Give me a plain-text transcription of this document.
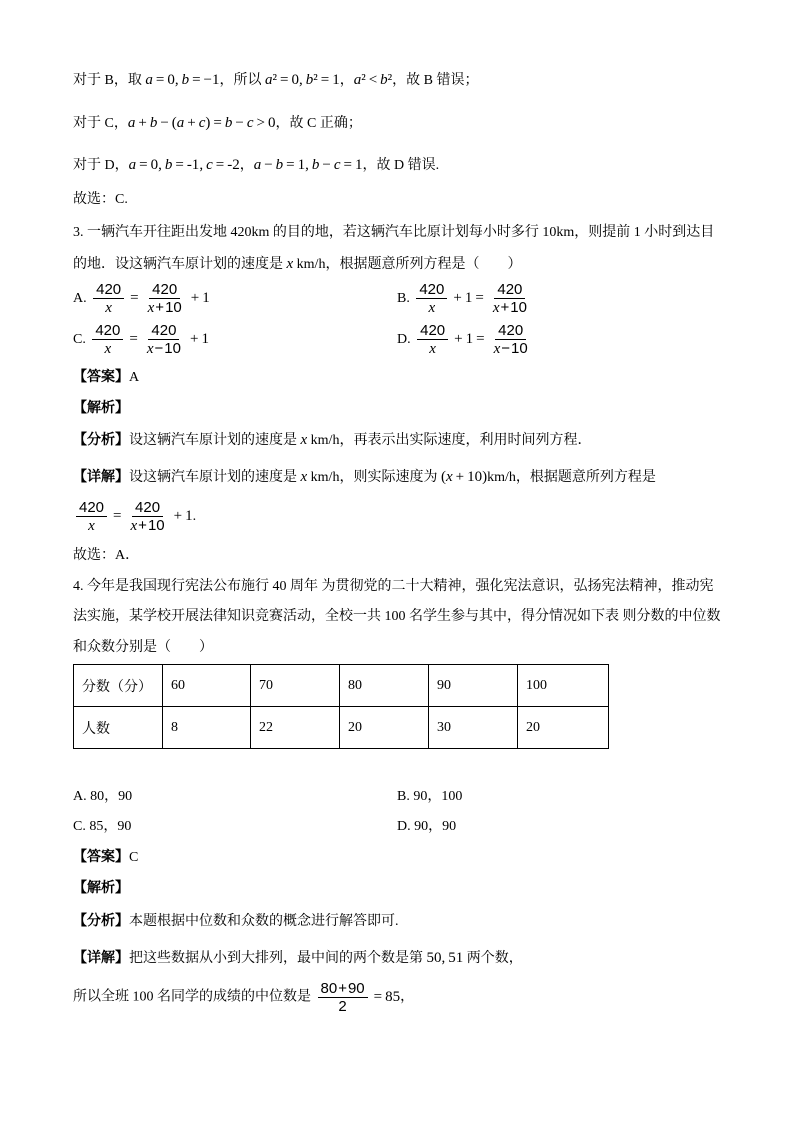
对于 B，取 a = 0, b = −1，所以 a² = 0, b² = 1，a² < b²，故 B 错误；
对于 C，a + b − (a + c) = b − c > 0，故 C 正确；
对于 D，a = 0, b = -1, c = -2，a − b = 1, b − c = 1，故 D 错误.
故选：C.
3. 一辆汽车开往距出发地 420km 的目的地，若这辆汽车比原计划每小时多行 10km，则提前 1 小时到达目
的地．设这辆汽车原计划的速度是 x km/h，根据题意所列方程是（　　）
A. $\frac{420}{x} = \frac{420}{x+10} + 1$	B. $\frac{420}{x} + 1 = \frac{420}{x+10}$
C. $\frac{420}{x} = \frac{420}{x-10} + 1$	D. $\frac{420}{x} + 1 = \frac{420}{x-10}$
【答案】A
【解析】
【分析】设这辆汽车原计划的速度是 x km/h，再表示出实际速度，利用时间列方程．
【详解】设这辆汽车原计划的速度是 x km/h，则实际速度为 (x + 10)km/h，根据题意所列方程是
$\frac{420}{x} = \frac{420}{x+10} + 1$.
故选：A．
4. 今年是我国现行宪法公布施行 40 周年 为贯彻党的二十大精神，强化宪法意识，弘扬宪法精神，推动宪
法实施，某学校开展法律知识竞赛活动，全校一共 100 名学生参与其中，得分情况如下表 则分数的中位数
和众数分别是（　　）
分数（分）	60	70	80	90	100
人数	8	22	20	30	20
A. 80，90	B. 90，100
C. 85，90	D. 90，90
【答案】C
【解析】
【分析】本题根据中位数和众数的概念进行解答即可.
【详解】把这些数据从小到大排列，最中间的两个数是第 50, 51 两个数，
所以全班 100 名同学的成绩的中位数是 $\frac{80+90}{2} = 85$，
